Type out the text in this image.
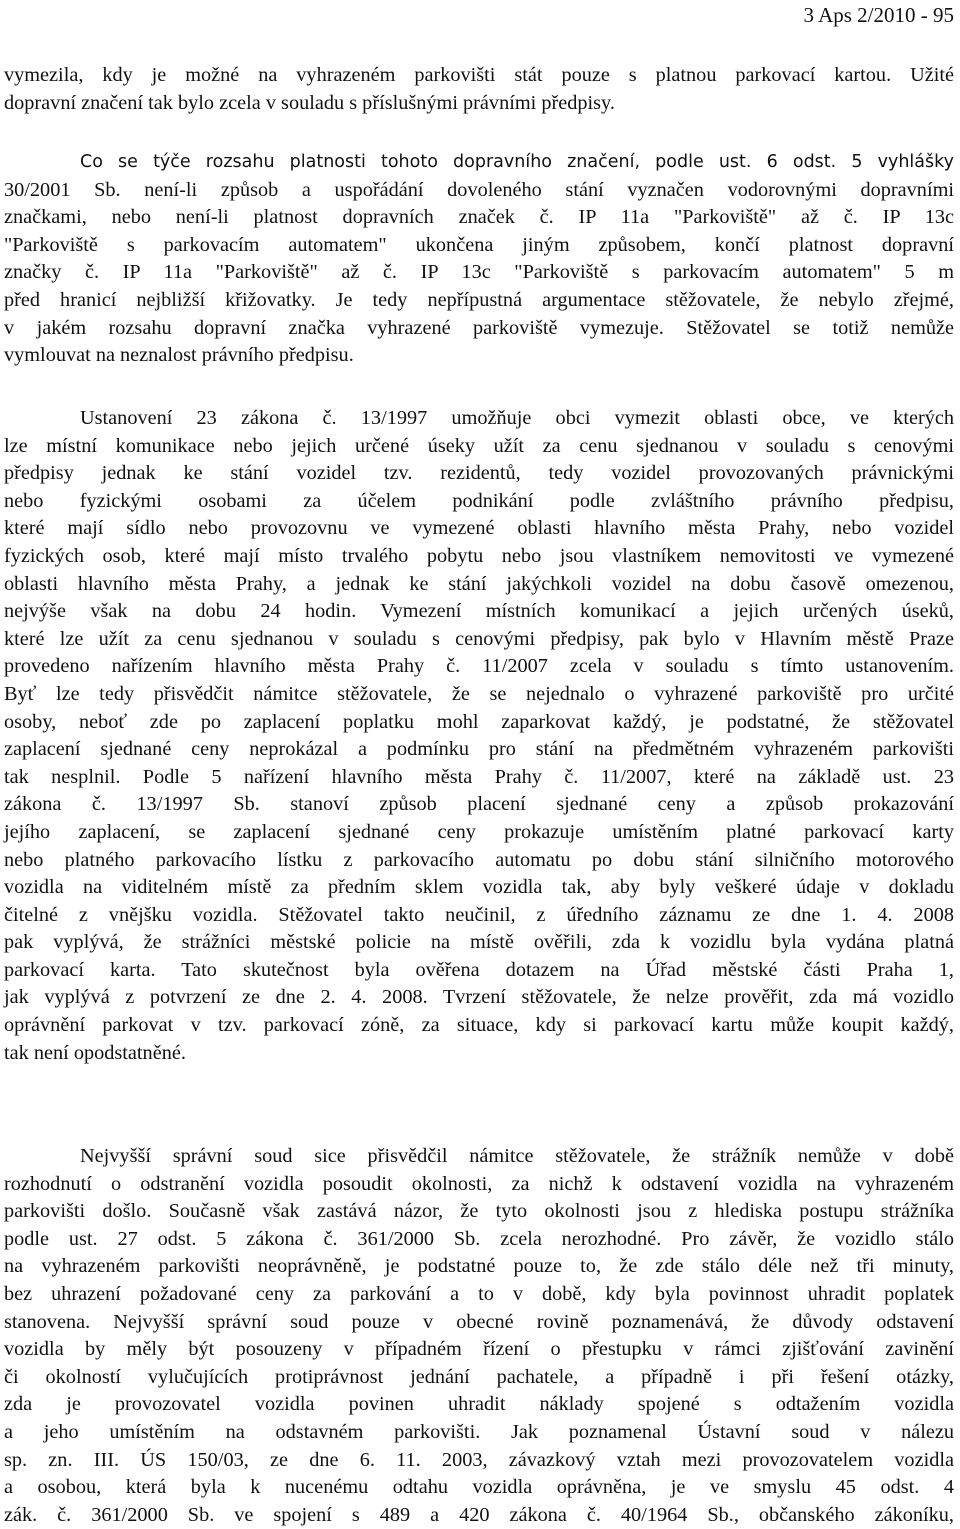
3 Aps 2/2010 - 95
vymezila, kdy je možné na vyhrazeném parkovišti stát pouze s platnou parkovací kartou. Užité
dopravní značení tak bylo zcela v souladu s příslušnými právními předpisy.
Co se týče rozsahu platnosti tohoto dopravního značení, podle ust. 6 odst. 5 vyhlášky
30/2001 Sb. není-li způsob a uspořádání dovoleného stání vyznačen vodorovnými dopravními
značkami, nebo není-li platnost dopravních značek č. IP 11a "Parkoviště" až č. IP 13c
"Parkoviště s parkovacím automatem" ukončena jiným způsobem, končí platnost dopravní
značky č. IP 11a "Parkoviště" až č. IP 13c "Parkoviště s parkovacím automatem" 5 m
před hranicí nejbližší křižovatky. Je tedy nepřípustná argumentace stěžovatele, že nebylo zřejmé,
v jakém rozsahu dopravní značka vyhrazené parkoviště vymezuje. Stěžovatel se totiž nemůže
vymlouvat na neznalost právního předpisu.
Ustanovení 23 zákona č. 13/1997 umožňuje obci vymezit oblasti obce, ve kterých
lze místní komunikace nebo jejich určené úseky užít za cenu sjednanou v souladu s cenovými
předpisy jednak ke stání vozidel tzv. rezidentů, tedy vozidel provozovaných právnickými
nebo fyzickými osobami za účelem podnikání podle zvláštního právního předpisu,
které mají sídlo nebo provozovnu ve vymezené oblasti hlavního města Prahy, nebo vozidel
fyzických osob, které mají místo trvalého pobytu nebo jsou vlastníkem nemovitosti ve vymezené
oblasti hlavního města Prahy, a jednak ke stání jakýchkoli vozidel na dobu časově omezenou,
nejvýše však na dobu 24 hodin. Vymezení místních komunikací a jejich určených úseků,
které lze užít za cenu sjednanou v souladu s cenovými předpisy, pak bylo v Hlavním městě Praze
provedeno nařízením hlavního města Prahy č. 11/2007 zcela v souladu s tímto ustanovením.
Byť lze tedy přisvědčit námitce stěžovatele, že se nejednalo o vyhrazené parkoviště pro určité
osoby, neboť zde po zaplacení poplatku mohl zaparkovat každý, je podstatné, že stěžovatel
zaplacení sjednané ceny neprokázal a podmínku pro stání na předmětném vyhrazeném parkovišti
tak nesplnil. Podle 5 nařízení hlavního města Prahy č. 11/2007, které na základě ust. 23
zákona č. 13/1997 Sb. stanoví způsob placení sjednané ceny a způsob prokazování
jejího zaplacení, se zaplacení sjednané ceny prokazuje umístěním platné parkovací karty
nebo platného parkovacího lístku z parkovacího automatu po dobu stání silničního motorového
vozidla na viditelném místě za předním sklem vozidla tak, aby byly veškeré údaje v dokladu
čitelné z vnějšku vozidla. Stěžovatel takto neučinil, z úředního záznamu ze dne 1. 4. 2008
pak vyplývá, že strážníci městské policie na místě ověřili, zda k vozidlu byla vydána platná
parkovací karta. Tato skutečnost byla ověřena dotazem na Úřad městské části Praha 1,
jak vyplývá z potvrzení ze dne 2. 4. 2008. Tvrzení stěžovatele, že nelze prověřit, zda má vozidlo
oprávnění parkovat v tzv. parkovací zóně, za situace, kdy si parkovací kartu může koupit každý,
tak není opodstatněné.
Nejvyšší správní soud sice přisvědčil námitce stěžovatele, že strážník nemůže v době
rozhodnutí o odstranění vozidla posoudit okolnosti, za nichž k odstavení vozidla na vyhrazeném
parkovišti došlo. Současně však zastává názor, že tyto okolnosti jsou z hlediska postupu strážníka
podle ust. 27 odst. 5 zákona č. 361/2000 Sb. zcela nerozhodné. Pro závěr, že vozidlo stálo
na vyhrazeném parkovišti neoprávněně, je podstatné pouze to, že zde stálo déle než tři minuty,
bez uhrazení požadované ceny za parkování a to v době, kdy byla povinnost uhradit poplatek
stanovena. Nejvyšší správní soud pouze v obecné rovině poznamenává, že důvody odstavení
vozidla by měly být posouzeny v případném řízení o přestupku v rámci zjišťování zavinění
či okolností vylučujících protiprávnost jednání pachatele, a případně i při řešení otázky,
zda je provozovatel vozidla povinen uhradit náklady spojené s odtažením vozidla
a jeho umístěním na odstavném parkovišti. Jak poznamenal Ústavní soud v nálezu
sp. zn. III. ÚS 150/03, ze dne 6. 11. 2003, závazkový vztah mezi provozovatelem vozidla
a osobou, která byla k nucenému odtahu vozidla oprávněna, je ve smyslu 45 odst. 4
zák. č. 361/2000 Sb. ve spojení s 489 a 420 zákona č. 40/1964 Sb., občanského zákoníku,
